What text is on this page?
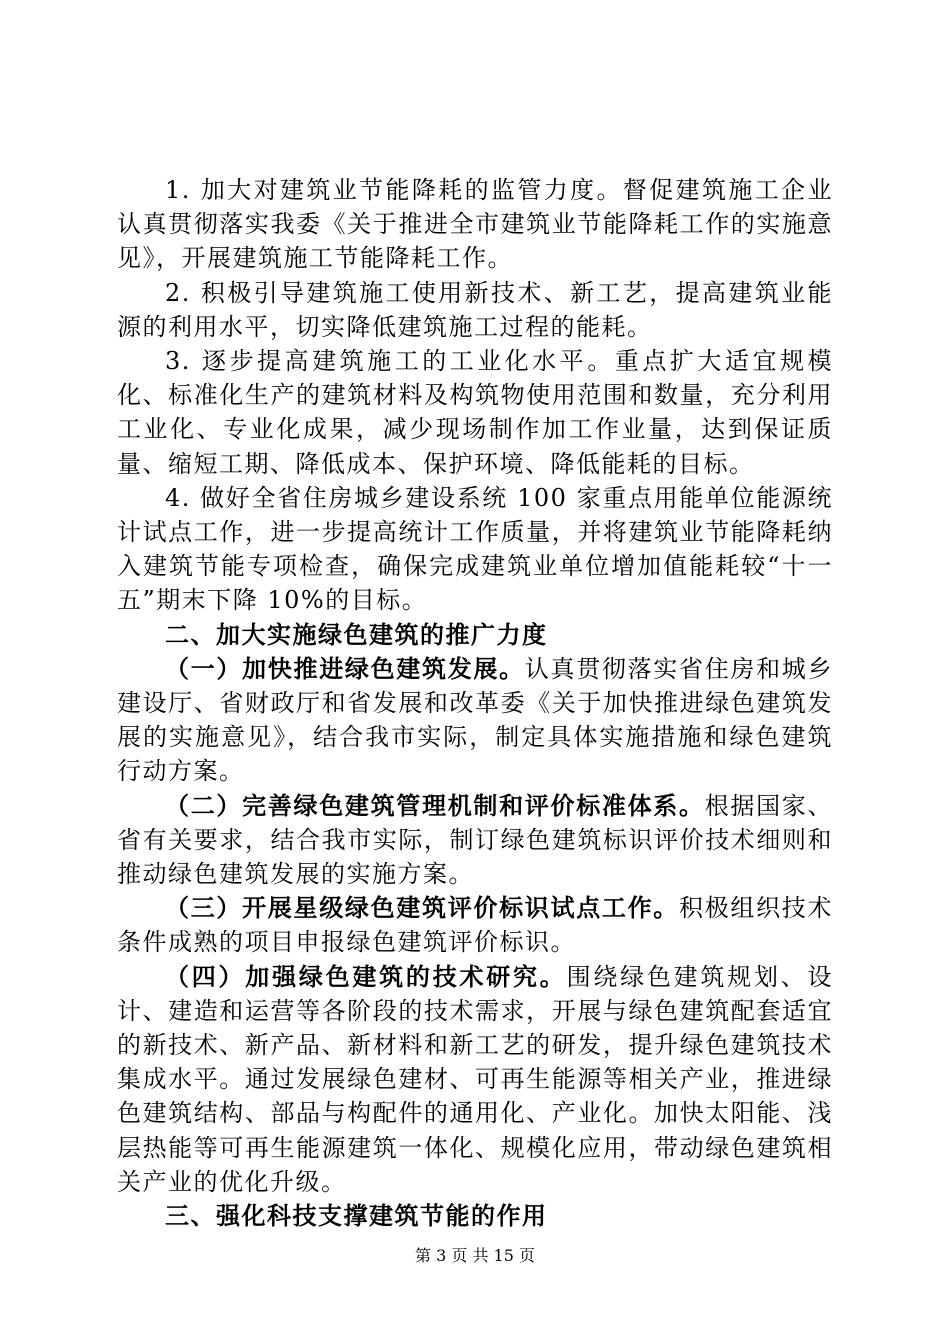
1. 加大对建筑业节能降耗的监管力度。督促建筑施工企业认真贯彻落实我委《关于推进全市建筑业节能降耗工作的实施意见》，开展建筑施工节能降耗工作。

2. 积极引导建筑施工使用新技术、新工艺，提高建筑业能源的利用水平，切实降低建筑施工过程的能耗。

3. 逐步提高建筑施工的工业化水平。重点扩大适宜规模化、标准化生产的建筑材料及构筑物使用范围和数量，充分利用工业化、专业化成果，减少现场制作加工作业量，达到保证质量、缩短工期、降低成本、保护环境、降低能耗的目标。

4. 做好全省住房城乡建设系统 100 家重点用能单位能源统计试点工作，进一步提高统计工作质量，并将建筑业节能降耗纳入建筑节能专项检查，确保完成建筑业单位增加值能耗较“十一五”期末下降 10%的目标。

二、加大实施绿色建筑的推广力度

（一）加快推进绿色建筑发展。认真贯彻落实省住房和城乡建设厅、省财政厅和省发展和改革委《关于加快推进绿色建筑发展的实施意见》，结合我市实际，制定具体实施措施和绿色建筑行动方案。

（二）完善绿色建筑管理机制和评价标准体系。根据国家、省有关要求，结合我市实际，制订绿色建筑标识评价技术细则和推动绿色建筑发展的实施方案。

（三）开展星级绿色建筑评价标识试点工作。积极组织技术条件成熟的项目申报绿色建筑评价标识。

（四）加强绿色建筑的技术研究。围绕绿色建筑规划、设计、建造和运营等各阶段的技术需求，开展与绿色建筑配套适宜的新技术、新产品、新材料和新工艺的研发，提升绿色建筑技术集成水平。通过发展绿色建材、可再生能源等相关产业，推进绿色建筑结构、部品与构配件的通用化、产业化。加快太阳能、浅层热能等可再生能源建筑一体化、规模化应用，带动绿色建筑相关产业的优化升级。

三、强化科技支撑建筑节能的作用

第 3 页 共 15 页
